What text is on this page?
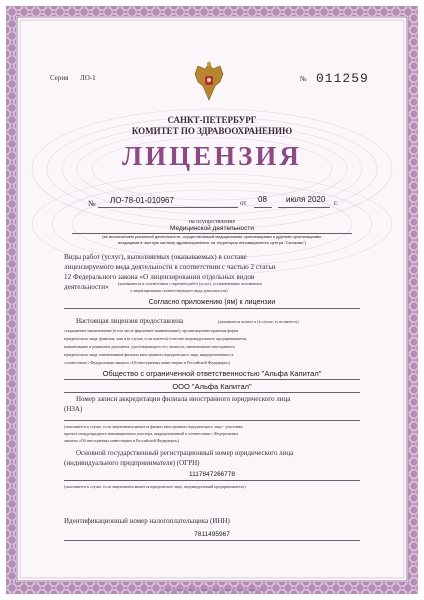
Серия ЛО-1	№ 011259
САНКТ-ПЕТЕРБУРГ
КОМИТЕТ ПО ЗДРАВООХРАНЕНИЮ
ЛИЦЕНЗИЯ
№ ЛО-78-01-010967	от 08 июля 2020 г.
на осуществление
Медицинской деятельности
(за исключением указанной деятельности, осуществляемой медицинскими организациями и другими организациями,
входящими в частную систему здравоохранения, на территории инновационного центра "Сколково")
Виды работ (услуг), выполняемых (оказываемых) в составе
лицензируемого вида деятельности в соответствии с частью 2 статьи
12 Федерального закона «О лицензировании отдельных видов
деятельности» (указываются в соответствии с перечнем работ (услуг), установленным положением
о лицензировании соответствующего вида деятельности)
Согласно приложению (ям) к лицензии
Настоящая лицензия предоставлена	(указывается полное и (в случае, если имеется)
сокращенное наименование (в том числе фирменное наименование), организационно-правовая форма
юридического лица, фамилия, имя и (в случае, если имеется) отчество индивидуального предпринимателя,
наименование и реквизиты документа, удостоверяющего его личность, наименование иностранного
юридического лица, наименование филиала иностранного юридического лица, аккредитованного в
соответствии с Федеральным законом «Об иностранных инвестициях в Российской Федерации»)
Общество с ограниченной ответственностью "Альфа Капитал"
ООО "Альфа Капитал"
Номер записи аккредитации филиала иностранного юридического лица
(НЗА)
(заполняется в случае, если лицензиатом является филиал иностранного юридического лица - участника
проекта международного инновационного кластера, аккредитованный в соответствии с Федеральным
законом «Об иностранных инвестициях в Российской Федерации»)
Основной государственный регистрационный номер юридического лица
(индивидуального предпринимателя) (ОГРН)
1117847266778
(заполняется в случае, если лицензиатом является юридическое лицо, индивидуальный предприниматель)
Идентификационный номер налогоплательщика (ИНН)
7811495967
© АО «Гознак», Москва, 2019. Бланк строгой отчетности. Уровень защиты «Б»
